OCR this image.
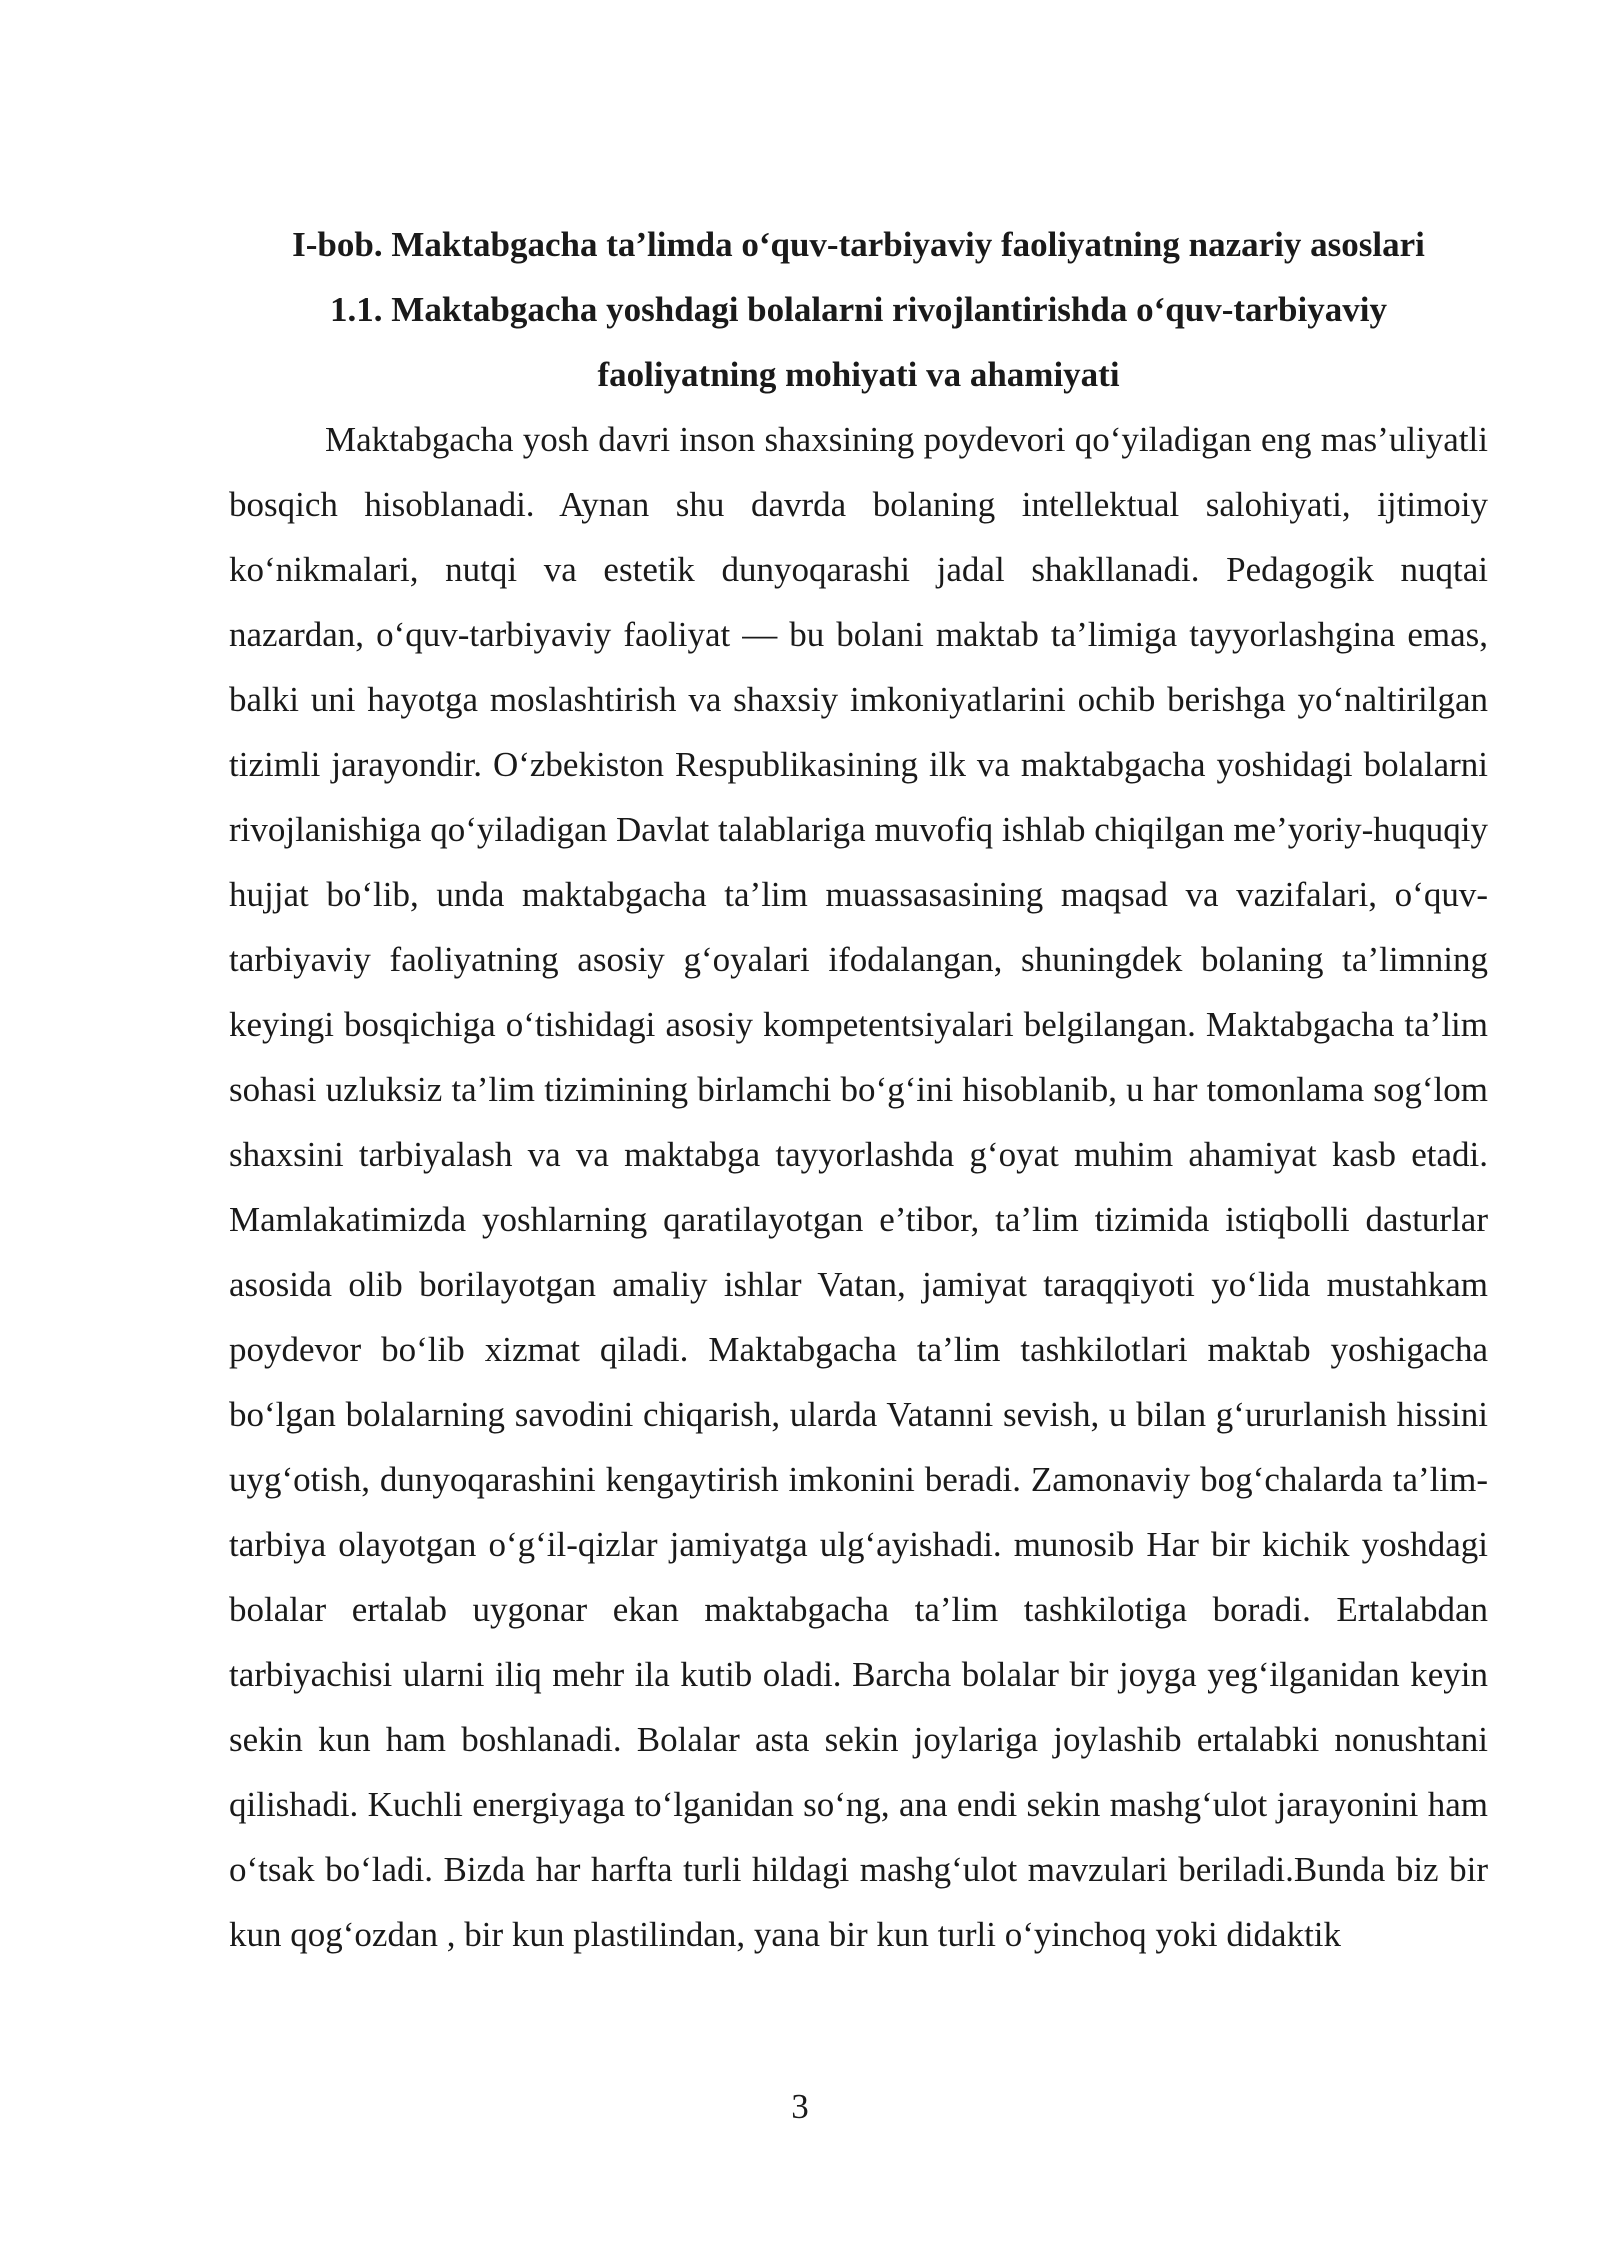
I-bob. Maktabgacha ta’limda o‘quv-tarbiyaviy faoliyatning nazariy asoslari
1.1. Maktabgacha yoshdagi bolalarni rivojlantirishda o‘quv-tarbiyaviy faoliyatning mohiyati va ahamiyati

Maktabgacha yosh davri inson shaxsining poydevori qo‘yiladigan eng mas’uliyatli bosqich hisoblanadi. Aynan shu davrda bolaning intellektual salohiyati, ijtimoiy ko‘nikmalari, nutqi va estetik dunyoqarashi jadal shakllanadi. Pedagogik nuqtai nazardan, o‘quv-tarbiyaviy faoliyat — bu bolani maktab ta’limiga tayyorlashgina emas, balki uni hayotga moslashtirish va shaxsiy imkoniyatlarini ochib berishga yo‘naltirilgan tizimli jarayondir. O‘zbekiston Respublikasining ilk va maktabgacha yoshidagi bolalarni rivojlanishiga qo‘yiladigan Davlat talablariga muvofiq ishlab chiqilgan me’yoriy-huquqiy hujjat bo‘lib, unda maktabgacha ta’lim muassasasining maqsad va vazifalari, o‘quv-tarbiyaviy faoliyatning asosiy g‘oyalari ifodalangan, shuningdek bolaning ta’limning keyingi bosqichiga o‘tishidagi asosiy kompetentsiyalari belgilangan. Maktabgacha ta’lim sohasi uzluksiz ta’lim tizimining birlamchi bo‘g‘ini hisoblanib, u har tomonlama sog‘lom shaxsini tarbiyalash va va maktabga tayyorlashda g‘oyat muhim ahamiyat kasb etadi. Mamlakatimizda yoshlarning qaratilayotgan e’tibor, ta’lim tizimida istiqbolli dasturlar asosida olib borilayotgan amaliy ishlar Vatan, jamiyat taraqqiyoti yo‘lida mustahkam poydevor bo‘lib xizmat qiladi. Maktabgacha ta’lim tashkilotlari maktab yoshigacha bo‘lgan bolalarning savodini chiqarish, ularda Vatanni sevish, u bilan g‘ururlanish hissini uyg‘otish, dunyoqarashini kengaytirish imkonini beradi. Zamonaviy bog‘chalarda ta’lim-tarbiya olayotgan o‘g‘il-qizlar jamiyatga ulg‘ayishadi. munosib Har bir kichik yoshdagi bolalar ertalab uygonar ekan maktabgacha ta’lim tashkilotiga boradi. Ertalabdan tarbiyachisi ularni iliq mehr ila kutib oladi. Barcha bolalar bir joyga yeg‘ilganidan keyin sekin kun ham boshlanadi. Bolalar asta sekin joylariga joylashib ertalabki nonushtani qilishadi. Kuchli energiyaga to‘lganidan so‘ng, ana endi sekin mashg‘ulot jarayonini ham o‘tsak bo‘ladi. Bizda har harfta turli hildagi mashg‘ulot mavzulari beriladi.Bunda biz bir kun qog‘ozdan , bir kun plastilindan, yana bir kun turli o‘yinchoq yoki didaktik

3
